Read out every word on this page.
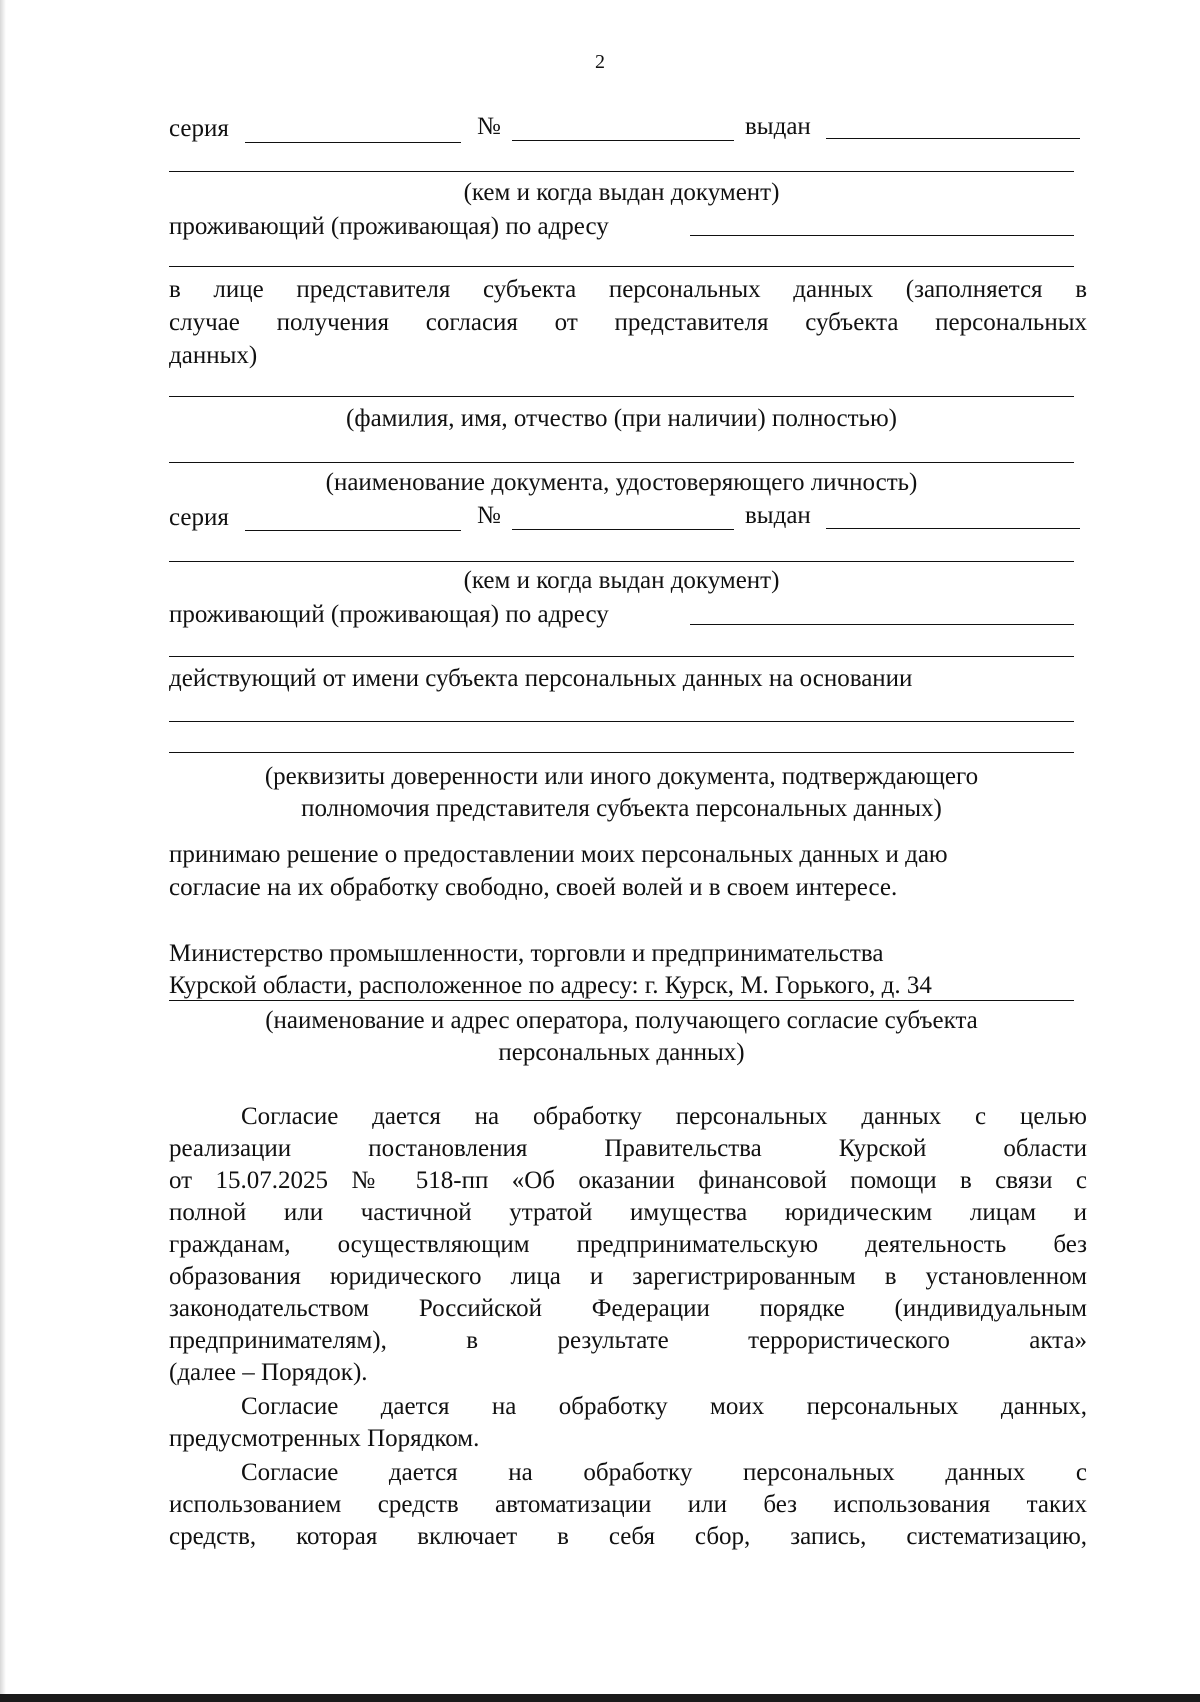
2
серия	№	выдан
(кем и когда выдан документ)
проживающий (проживающая) по адресу
в лице представителя субъекта персональных данных (заполняется в
случае получения согласия от представителя субъекта персональных
данных)
(фамилия, имя, отчество (при наличии) полностью)
(наименование документа, удостоверяющего личность)
серия	№	выдан
(кем и когда выдан документ)
проживающий (проживающая) по адресу
действующий от имени субъекта персональных данных на основании
(реквизиты доверенности или иного документа, подтверждающего
полномочия представителя субъекта персональных данных)
принимаю решение о предоставлении моих персональных данных и даю
согласие на их обработку свободно, своей волей и в своем интересе.
Министерство промышленности, торговли и предпринимательства
Курской области, расположенное по адресу: г. Курск, М. Горького, д. 34
(наименование и адрес оператора, получающего согласие субъекта
персональных данных)
Согласие дается на обработку персональных данных с целью
реализации постановления Правительства Курской области
от 15.07.2025 № 518-пп «Об оказании финансовой помощи в связи с
полной или частичной утратой имущества юридическим лицам и
гражданам, осуществляющим предпринимательскую деятельность без
образования юридического лица и зарегистрированным в установленном
законодательством Российской Федерации порядке (индивидуальным
предпринимателям), в результате террористического акта»
(далее – Порядок).
Согласие дается на обработку моих персональных данных,
предусмотренных Порядком.
Согласие дается на обработку персональных данных с
использованием средств автоматизации или без использования таких
средств, которая включает в себя сбор, запись, систематизацию,
